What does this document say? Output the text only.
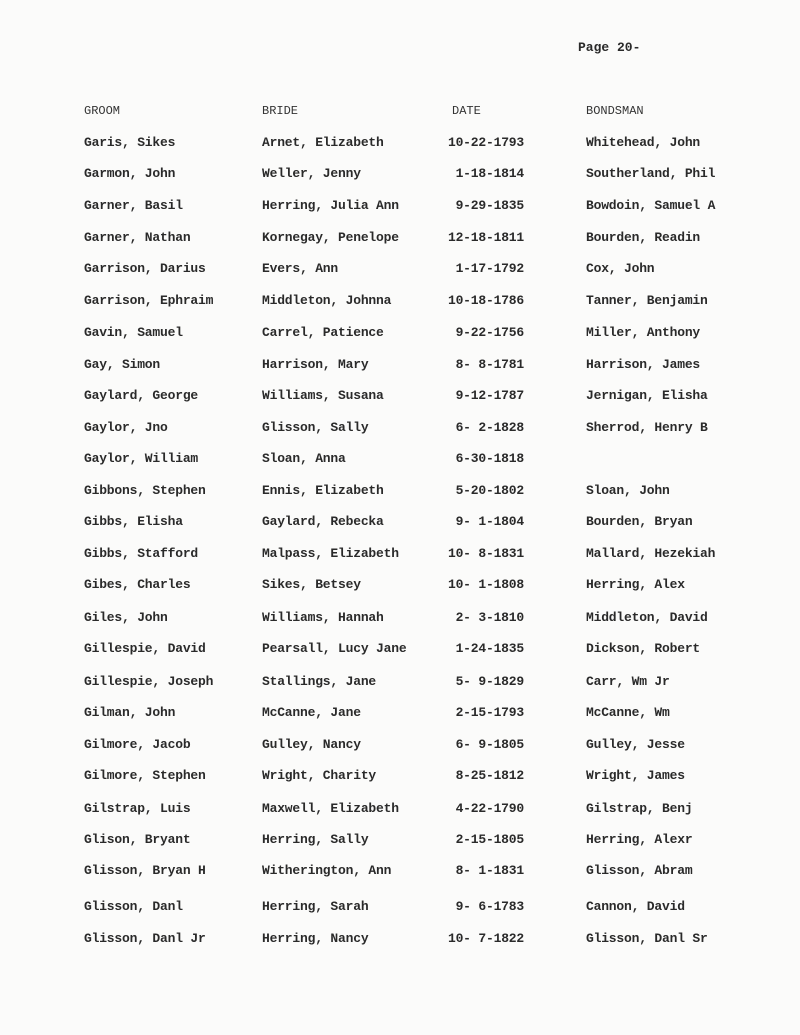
Page 20-
GROOM	BRIDE	DATE	BONDSMAN
Garis, Sikes	Arnet, Elizabeth	10-22-1793	Whitehead, John
Garmon, John	Weller, Jenny	1-18-1814	Southerland, Phil
Garner, Basil	Herring, Julia Ann	9-29-1835	Bowdoin, Samuel A
Garner, Nathan	Kornegay, Penelope	12-18-1811	Bourden, Readin
Garrison, Darius	Evers, Ann	1-17-1792	Cox, John
Garrison, Ephraim	Middleton, Johnna	10-18-1786	Tanner, Benjamin
Gavin, Samuel	Carrel, Patience	9-22-1756	Miller, Anthony
Gay, Simon	Harrison, Mary	8- 8-1781	Harrison, James
Gaylard, George	Williams, Susana	9-12-1787	Jernigan, Elisha
Gaylor, Jno	Glisson, Sally	6- 2-1828	Sherrod, Henry B
Gaylor, William	Sloan, Anna	6-30-1818
Gibbons, Stephen	Ennis, Elizabeth	5-20-1802	Sloan, John
Gibbs, Elisha	Gaylard, Rebecka	9- 1-1804	Bourden, Bryan
Gibbs, Stafford	Malpass, Elizabeth	10- 8-1831	Mallard, Hezekiah
Gibes, Charles	Sikes, Betsey	10- 1-1808	Herring, Alex
Giles, John	Williams, Hannah	2- 3-1810	Middleton, David
Gillespie, David	Pearsall, Lucy Jane	1-24-1835	Dickson, Robert
Gillespie, Joseph	Stallings, Jane	5- 9-1829	Carr, Wm Jr
Gilman, John	McCanne, Jane	2-15-1793	McCanne, Wm
Gilmore, Jacob	Gulley, Nancy	6- 9-1805	Gulley, Jesse
Gilmore, Stephen	Wright, Charity	8-25-1812	Wright, James
Gilstrap, Luis	Maxwell, Elizabeth	4-22-1790	Gilstrap, Benj
Glison, Bryant	Herring, Sally	2-15-1805	Herring, Alexr
Glisson, Bryan H	Witherington, Ann	8- 1-1831	Glisson, Abram
Glisson, Danl	Herring, Sarah	9- 6-1783	Cannon, David
Glisson, Danl Jr	Herring, Nancy	10- 7-1822	Glisson, Danl Sr
